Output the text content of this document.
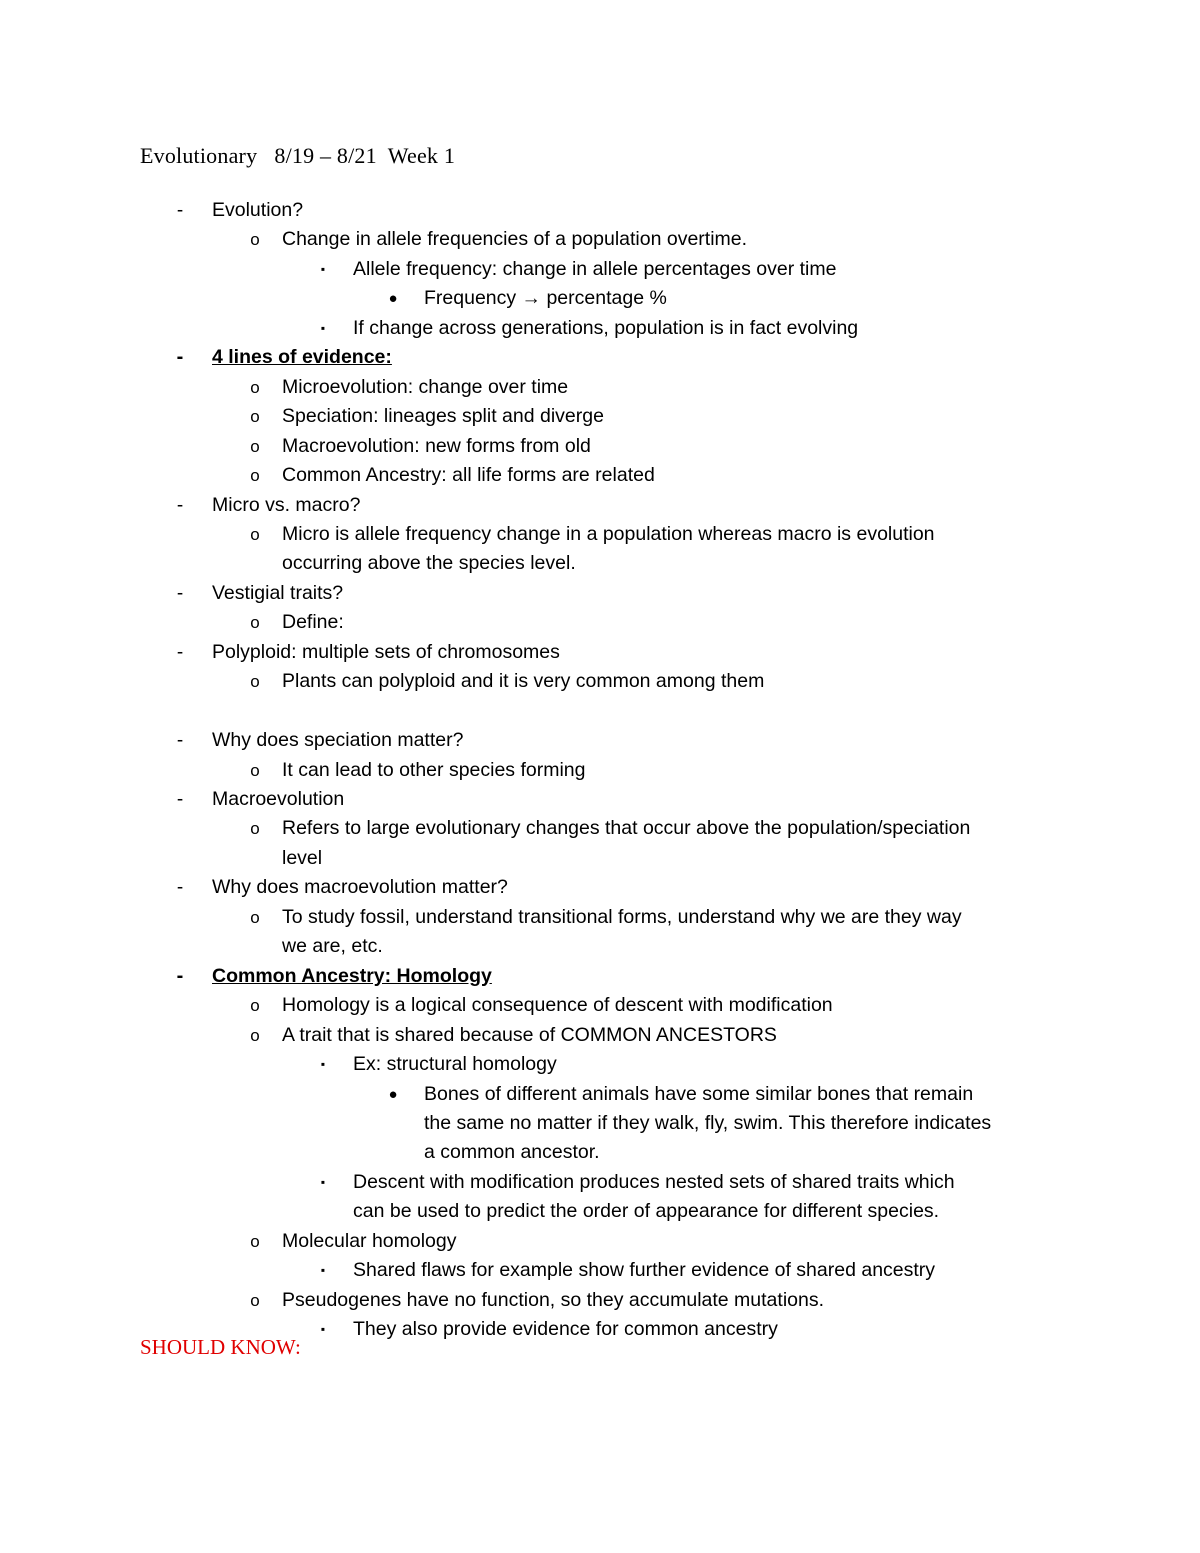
Evolutionary   8/19 – 8/21  Week 1
-	Evolution?
o Change in allele frequencies of a population overtime.
▪	Allele frequency: change in allele percentages over time
● Frequency → percentage %
▪	If change across generations, population is in fact evolving
-	4 lines of evidence:
o Microevolution: change over time
o Speciation: lineages split and diverge
o Macroevolution: new forms from old
o Common Ancestry: all life forms are related
-	Micro vs. macro?
o Micro is allele frequency change in a population whereas macro is evolution
occurring above the species level.
-	Vestigial traits?
o Define:
-	Polyploid: multiple sets of chromosomes
o Plants can polyploid and it is very common among them
-	Why does speciation matter?
o It can lead to other species forming
-	Macroevolution
o Refers to large evolutionary changes that occur above the population/speciation
level
-	Why does macroevolution matter?
o To study fossil, understand transitional forms, understand why we are they way
we are, etc.
-	Common Ancestry: Homology
o Homology is a logical consequence of descent with modification
o A trait that is shared because of COMMON ANCESTORS
▪	Ex: structural homology
● Bones of different animals have some similar bones that remain
the same no matter if they walk, fly, swim. This therefore indicates
a common ancestor.
▪	Descent with modification produces nested sets of shared traits which
can be used to predict the order of appearance for different species.
o Molecular homology
▪	Shared flaws for example show further evidence of shared ancestry
o Pseudogenes have no function, so they accumulate mutations.
▪	They also provide evidence for common ancestry
SHOULD KNOW:
